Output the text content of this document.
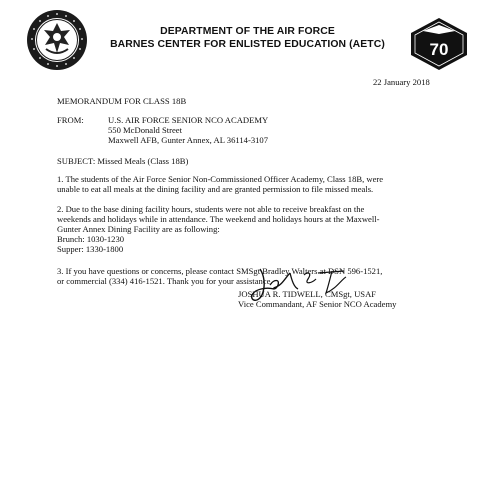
DEPARTMENT OF THE AIR FORCE
BARNES CENTER FOR ENLISTED EDUCATION (AETC)	70
22 January 2018
MEMORANDUM FOR CLASS 18B
FROM:	U.S. AIR FORCE SENIOR NCO ACADEMY
550 McDonald Street
Maxwell AFB, Gunter Annex, AL 36114-3107
SUBJECT: Missed Meals (Class 18B)
1. The students of the Air Force Senior Non-Commissioned Officer Academy, Class 18B, were
unable to eat all meals at the dining facility and are granted permission to file missed meals.
2. Due to the base dining facility hours, students were not able to receive breakfast on the
weekends and holidays while in attendance. The weekend and holidays hours at the Maxwell-
Gunter Annex Dining Facility are as following:
Brunch: 1030-1230
Supper: 1330-1800
3. If you have questions or concerns, please contact SMSgt Bradley Walters at DSN 596-1521,
or commercial (334) 416-1521. Thank you for your assistance.
JOSHUA R. TIDWELL, CMSgt, USAF
Vice Commandant, AF Senior NCO Academy
